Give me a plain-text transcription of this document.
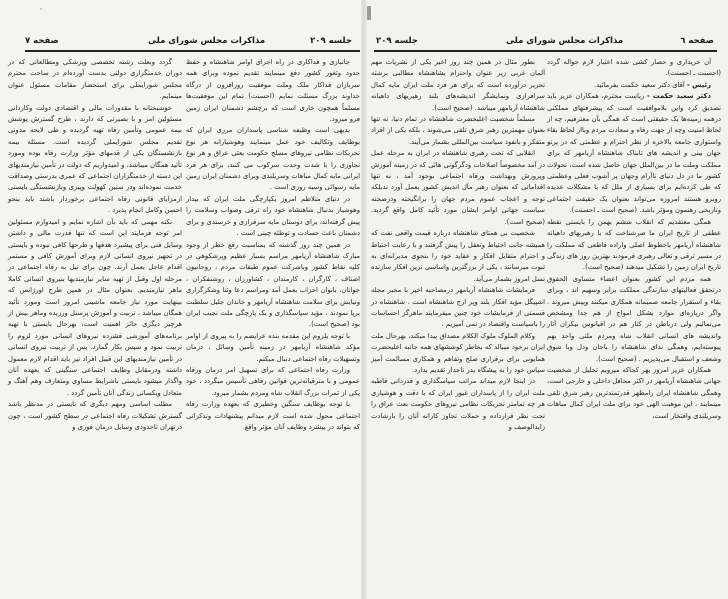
صفحه ۷	مذاکرات مجلس شورای ملی	جلسه ۲۰۹

جانبازی و فداکاری در راه اجرای اوامر شاهنشاه و حفظ حدود وثغور کشور دفع مینمایند تقدیم نموده وبرای همه سربازان فداکار ملک وملت موفقیت روزافزون از درگاه خداوند بزرگ مسئلت نمایم (احسنت) تمام این موفقیت‌ها مسلماً همچون خاری است که برچشم دشمنان ایران زمین فرو میرود.

بدیهی است وظیفه شناسی پاسداران مرزی ایران که بوظایف وتکالیف خود عمل مینمایند وهوشیارانه هر نوع تحریکات نظامی نیروهای مسلح حکومت بعثی عراق و هر نوع تجاوزی را با شدت وحدت سرکوب می کنند، برای هر فرد ایرانی مایه کمال مباهات وسربلندی وبرای دشمنان ایران زمین مایه رسوائی وسیه روزی است .

در دنیای متلاطم امروز یکپارچگی ملت ایران که بیدار وهوشیار بدنبال شاهنشاه خود راه ترقی وصواب وسلامت را پیش گرفته‌اند، برای دوستان مایه سرفرازی و خرسندی و برای دشمنان باعث حسادت و توطئه چینی است .

در همین چند روز گذشته که بمناسبت رفع خطر از وجود مبارک شاهنشاه آریامهر مراسم بسیار عظیم وپرشکوهی در کلیه نقاط کشور وباشرکت عموم طبقات مردم ، روحانیون اصناف ، کارگران ، کارمندان ، کشاورزان ، روشنفکران ، جوانان، بانوان احزاب بعمل آمد ومراسم دعا وثنا وشکرگزاری ونیایش برای سلامت شاهنشاه آریامهر و خاندان جلیل سلطنت برپا نمودند ، مؤید سپاسگذاری و یک پارچگی ملت نجیب ایران بود (صحیح است).

با توجه بلزوم این مقدمه بنده عرایضم را به پیروی از اوامر مؤکد شاهنشاه آریامهر در زمینه تأمین وسائل ، درمان وتسهیلات رفاه اجتماعی دنبال میکنم.

وزارت رفاه اجتماعی که برای تسهیل امر درمان ورفاه عمومی و با مترقیانه‌ترین قوانین رفاهی تأسیس میگردد ، خود یکی از ثمرات بزرگ انقلاب شاه ومردم بشمار میرود.

با توجه بوظایف سنگین وخطیری که بعهده وزارت رفاه اجتماعی محول شده است لازم میدانم پیشنهادات وتذکراتی که بتواند در پیشرد وظایف آنان مؤثر واقع

گردد وبعلت رشته تخصصی وپزشکی ومطالعاتی که در دوران خدمتگزاری دولتی بدست آورده‌ام در ساحت محترم مجلس شورایملی برای استحضار مقامات مسئول عنوان مینمایم.

خوشبختانه با مقدورات مالی و اقتصادی دولت وکاردانی مسئولین امر و با بصیرتی که دارند ، طرح گسترش پوشش بیمه عمومی وتأمین رفاه تهیه گردیده و طی لایحه مدونی تقدیم مجلس شورایملی گردیده است. مسئله بیمه بازنشستگان یکی از قدمهای مؤثر وزارت رفاه بوده ومورد تأئید همگان میباشد، و امیدواریم که دولت در تأمین نیازمندیهای این دسته از خدمتگزاران اجتماعی که عمری بدرستی وصداقت خدمت نموده‌اند ودر سنین کهولت وپیری وبازنشستگی بایستی ازمزایای قانونی رفاه اجتماعی برخوردار باشند باید بنحو احسن وکامل انجام پذیرد .

نکته مهمی که باید بآن اشاره نمایم و امیدوارم مسئولین امر توجه فرمایند این است که تنها قدرت مالی و داشتن وسایل فنی برای پیشبرد هدفها و طرحها کافی نبوده و بایستی در تجهیز نیروی انسانی لازم وبرای آموزش کافی و مستمر اقدام عاجل بعمل آرند. چون برای نیل به رفاه اجتماعی در مرحله اول وقبل از تهیه سایر نیازمندیها بنیروی انسانی کاملا ماهر نیازمندیم. بعنوان مثال در همین طرح اورژانس که بینهایت مورد نیاز جامعه ماشینی امروز است ومورد تأئید همگان میباشد ، تربیت و آموزش پرسنل ورزیده وماهر بیش از هرچیز دیگری حائز اهمیت است، بهرحال بایستی با تهیه برنامه‌های آموزشی فشرده نیروهای انسانی مورد لزوم را تربیت نمود و سپس بکار گمارد. پس از تربیت نیروی انسانی در تأمین نیازمندیهای این قبیل افراد نیز باید اقدام لازم معمول داشته ودرمقابل وظایف اجتماعی سنگینی که بعهده آنان واگذار میشود بایستی باشرایط مساوی ومتعارف وهم آهنگ و متعادل ویکسانی زندگی آنان تأمین گردد .

مطلب اساسی ومهم دیگری که بایستی در مدنظر باشد گسترش تشکیلات رفاه اجتماعی در سطح کشور است ، چون درتهران تاحدودی وسایل درمان فوری و

جلسه ۲۰۹	مذاکرات مجلس شورای ملی	صفحه ٦

آن خریداری و حصار کشی شده اعتبار لازم حواله گردد (احسنت ـ احسنت).

رئیس - آقای دکتر سعید حکمت بفرمائید.

دکتر سعید حکمت - ریاست محترم، همکاران عزیز باید تصدیق کرد واین بلاموافقیت است که پیشرفتهای مملکتی درهمه زمینه‌ها یک حقیقتی است که همگی بآن معترفیم، چه از لحاظ امنیت وچه از جهت رفاه و سعادت مردم وبااز لحاظ بقاء واستواری جامعه بالاخره از نظر احترام و عظمتی که در پرتو جهان بینی و اندیشه های تابناک شاهنشاه آریامهر که برای مملکت وملت ما در بین‌الملل جهان حاصل شده است، تحولات کشور ما در دل دنیای ناآرام وجهان پر آشوب فعلی وعظمتی که طی کرده‌ایم برای بسیاری از ملل که با مشکلات عدیده روبرو هستند امروزه می‌تواند بعنوان یک حقیقت اجتماعی وتاریخی رهنمون ومؤثر باشد. (صحیح است ـ احسنت).

همگی معتقدیم که انقلاب ششم بهمن را بایستی نقطه عطفی از تاریخ ایران ما صرشناخت که با رهبریهای داهیانه شاهنشاه آریامهر باخطوط اصلی واراده قاطعی که مملکت را در مسیر ترقی و تعالی رهبری فرمودند بهترین روز های زندگی تاریخ ایران زمین را تشکیل میدهند (صحیح است).

همه مردم این کشور بعنوان اعضاء متساوی الحقوق درتحقق فعالیتهای سازندگی مملکت برابر وسهیم اند ، وبرای بقاء و استقرار جامعه صمیمانه همکاری میکنند وپیش میروند . واگر درپاره‌ای موارد بشکل امواج از هم جدا ومشخص می‌نمائیم ولی درباطن در کنار هم در اقیانوس بیکران آثار واندیشه های انسانی انقلاب شاه ومردم ملتی واحد بهم پیوسته‌ایم، وهمگی ندای شاهنشاه را باجان ودل وبا شوق وشعف و استقبال می‌پذیریم . (صحیح است).

همکاران عزیز امروز بهر کجاکه میرویم تجلیل از شخصیت جهانی شاهنشاه آریامهر در اکثر محافل داخلی و خارجی است، وهمگی شاهنشاه ایران رامظهر قدرتمندترین رهبر شرق تلقی مینمایند ، این موهبت الهی خود برای ملت ایران کمال مباهات وسربلندی وافتخار است،

بطور مثال در همین چند روز اخیر یکی از نشریات مهم آلمان غربی زیر عنوان واحترام بشاهنشاه مطالبی برشته تحریر درآورده است که برای هر فرد ملت ایران مایه کمال سرافرازی ونمایشگر اندیشه‌های بلند رهبریهای داهیانه شاهنشاه آریامهر میباشد. (صحیح است).

مسلماً شخصیت اعلیحضرت شاهنشاه در تمام دنیا، نه تنها بعنوان مهمترین رهبر شرق تلقی می‌شوند ، بلکه یکی از افراد متفکر و بانفوذ سیاست بین‌المللی بشمار می‌آیند.

انقلابی که تحت رهبری شاهنشاه در ایران به مرحله عمل در آمد مخصوصاً اصلاحات ودگرگونی هائی که در زمینه آموزش وپرورش وبهداشت ورفاه اجتماعی بوجود آمد ، نه تنها اقداماتی که بعنوان رهبر مآل اندیش کشور بعمل آورد ندبلکه توجه و اعجاب عموم مردم جهان را برانگیخته ودرصحنه سیاست جهانی اوامر ایشان مورد تأئید کامل واقع گردید. (صحیح است).

شخصیت بی همتای شاهنشاه درباره قیمت واقعی نفت که همیشه جانب احتیاط وتعقل را پیش گرفتند و با رعایت احتیاط و احترام متقابل افکار و عقاید خود را بنحوی مدبرانه‌ای به ثبوت میرسانند ، یکی از بزرگترین واساسی ترین افکار سازنده نسل امروز بشمار می‌آید.

فرمایشات شاهنشاه آریامهر درمصاحبه اخیر با مخبر مجله اشپیگل مؤید افکار بلند وپر ارج شاهنشاه است . شاهنشاه در قسمتی از فرمایشات خود چنین میفرمایند ماهرگز احساسات را باسیاست واقتصاد در نمی آمیزیم .

وکلام الملوک ملوک الکلام مصداق پیدا میکند، بهرحال ملت ایران برخود میبالد که بخاطر کوششهای همه جانبه اعلیحضرت همایونی برای برقراری صلح وتفاهم و همکاری مسالمت آمیز سپاس خود را به پیشگاه پدر تاجدار تقدیم بدارد.

در اینجا لازم میداند مراتب سپاسگذاری و قدردانی قاطبه ملت ایران را از پاسداران غیور ایران که با دقت و هوشیاری هر چه تمامتر تحریکات نظامی نیروهای حکومت بعث عراق را تحت نظر قرارداده و حملات تجاوز کارانه آنان را بارشادت زایدالوصف و
